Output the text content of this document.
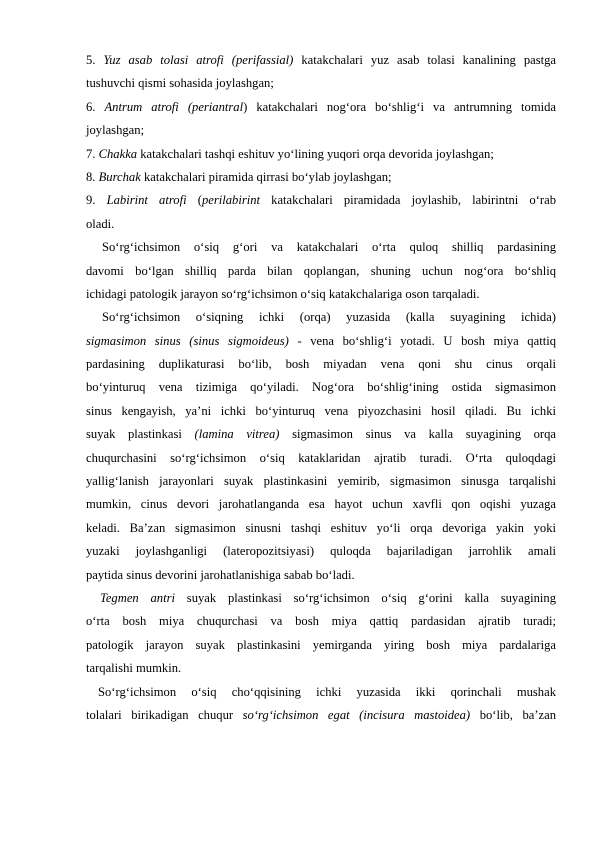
5. Yuz asab tolasi atrofi (perifassial) katakchalari yuz asab tolasi kanalining pastga
tushuvchi qismi sohasida joylashgan;
6. Antrum atrofi (periantral) katakchalari nog‘ora bo‘shlig‘i va antrumning tomida
joylashgan;
7. Chakka katakchalari tashqi eshituv yo‘lining yuqori orqa devorida joylashgan;
8. Burchak katakchalari piramida qirrasi bo‘ylab joylashgan;
9. Labirint atrofi (perilabirint katakchalari piramidada joylashib, labirintni o‘rab
oladi.
So‘rg‘ichsimon o‘siq g‘ori va katakchalari o‘rta quloq shilliq pardasining
davomi bo‘lgan shilliq parda bilan qoplangan, shuning uchun nog‘ora bo‘shliq
ichidagi patologik jarayon so‘rg‘ichsimon o‘siq katakchalariga oson tarqaladi.
So‘rg‘ichsimon o‘siqning ichki (orqa) yuzasida (kalla suyagining ichida)
sigmasimon sinus (sinus sigmoideus) - vena bo‘shlig‘i yotadi. U bosh miya qattiq
pardasining duplikaturasi bo‘lib, bosh miyadan vena qoni shu cinus orqali
bo‘yinturuq vena tizimiga qo‘yiladi. Nog‘ora bo‘shlig‘ining ostida sigmasimon
sinus kengayish, ya’ni ichki bo‘yinturuq vena piyozchasini hosil qiladi. Bu ichki
suyak plastinkasi (lamina vitrea) sigmasimon sinus va kalla suyagining orqa
chuqurchasini so‘rg‘ichsimon o‘siq kataklaridan ajratib turadi. O‘rta quloqdagi
yallig‘lanish jarayonlari suyak plastinkasini yemirib, sigmasimon sinusga tarqalishi
mumkin, cinus devori jarohatlanganda esa hayot uchun xavfli qon oqishi yuzaga
keladi. Ba’zan sigmasimon sinusni tashqi eshituv yo‘li orqa devoriga yakin yoki
yuzaki joylashganligi (lateropozitsiyasi) quloqda bajariladigan jarrohlik amali
paytida sinus devorini jarohatlanishiga sabab bo‘ladi.
Tegmen antri suyak plastinkasi so‘rg‘ichsimon o‘siq g‘orini kalla suyagining
o‘rta bosh miya chuqurchasi va bosh miya qattiq pardasidan ajratib turadi;
patologik jarayon suyak plastinkasini yemirganda yiring bosh miya pardalariga
tarqalishi mumkin.
So‘rg‘ichsimon o‘siq cho‘qqisining ichki yuzasida ikki qorinchali mushak
tolalari birikadigan chuqur so‘rg‘ichsimon egat (incisura mastoidea) bo‘lib, ba’zan
